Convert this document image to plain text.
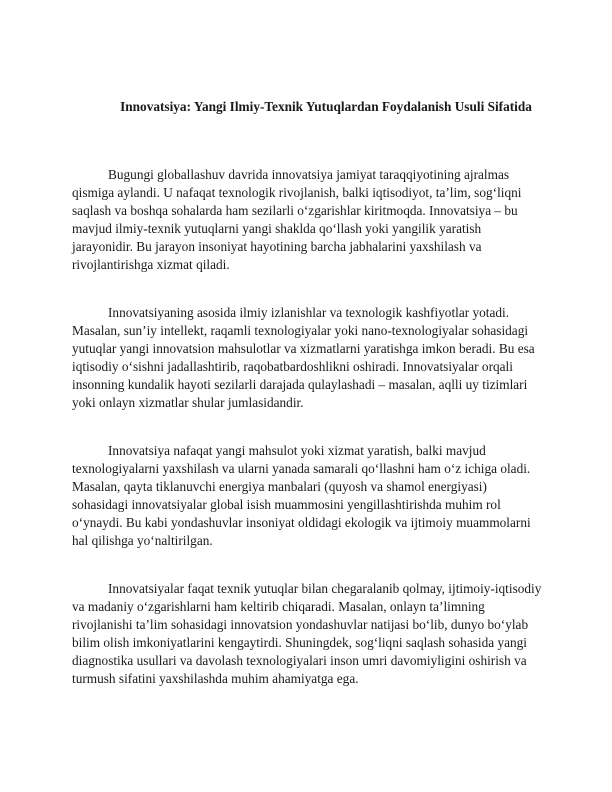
Innovatsiya: Yangi Ilmiy-Texnik Yutuqlardan Foydalanish Usuli Sifatida

Bugungi globallashuv davrida innovatsiya jamiyat taraqqiyotining ajralmas qismiga aylandi. U nafaqat texnologik rivojlanish, balki iqtisodiyot, ta’lim, sog‘liqni saqlash va boshqa sohalarda ham sezilarli o‘zgarishlar kiritmoqda. Innovatsiya – bu mavjud ilmiy-texnik yutuqlarni yangi shaklda qo‘llash yoki yangilik yaratish jarayonidir. Bu jarayon insoniyat hayotining barcha jabhalarini yaxshilash va rivojlantirishga xizmat qiladi.

Innovatsiyaning asosida ilmiy izlanishlar va texnologik kashfiyotlar yotadi. Masalan, sun’iy intellekt, raqamli texnologiyalar yoki nano-texnologiyalar sohasidagi yutuqlar yangi innovatsion mahsulotlar va xizmatlarni yaratishga imkon beradi. Bu esa iqtisodiy o‘sishni jadallashtirib, raqobatbardoshlikni oshiradi. Innovatsiyalar orqali insonning kundalik hayoti sezilarli darajada qulaylashadi – masalan, aqlli uy tizimlari yoki onlayn xizmatlar shular jumlasidandir.

Innovatsiya nafaqat yangi mahsulot yoki xizmat yaratish, balki mavjud texnologiyalarni yaxshilash va ularni yanada samarali qo‘llashni ham o‘z ichiga oladi. Masalan, qayta tiklanuvchi energiya manbalari (quyosh va shamol energiyasi) sohasidagi innovatsiyalar global isish muammosini yengillashtirishda muhim rol o‘ynaydi. Bu kabi yondashuvlar insoniyat oldidagi ekologik va ijtimoiy muammolarni hal qilishga yo‘naltirilgan.

Innovatsiyalar faqat texnik yutuqlar bilan chegaralanib qolmay, ijtimoiy-iqtisodiy va madaniy o‘zgarishlarni ham keltirib chiqaradi. Masalan, onlayn ta’limning rivojlanishi ta’lim sohasidagi innovatsion yondashuvlar natijasi bo‘lib, dunyo bo‘ylab bilim olish imkoniyatlarini kengaytirdi. Shuningdek, sog‘liqni saqlash sohasida yangi diagnostika usullari va davolash texnologiyalari inson umri davomiyligini oshirish va turmush sifatini yaxshilashda muhim ahamiyatga ega.
